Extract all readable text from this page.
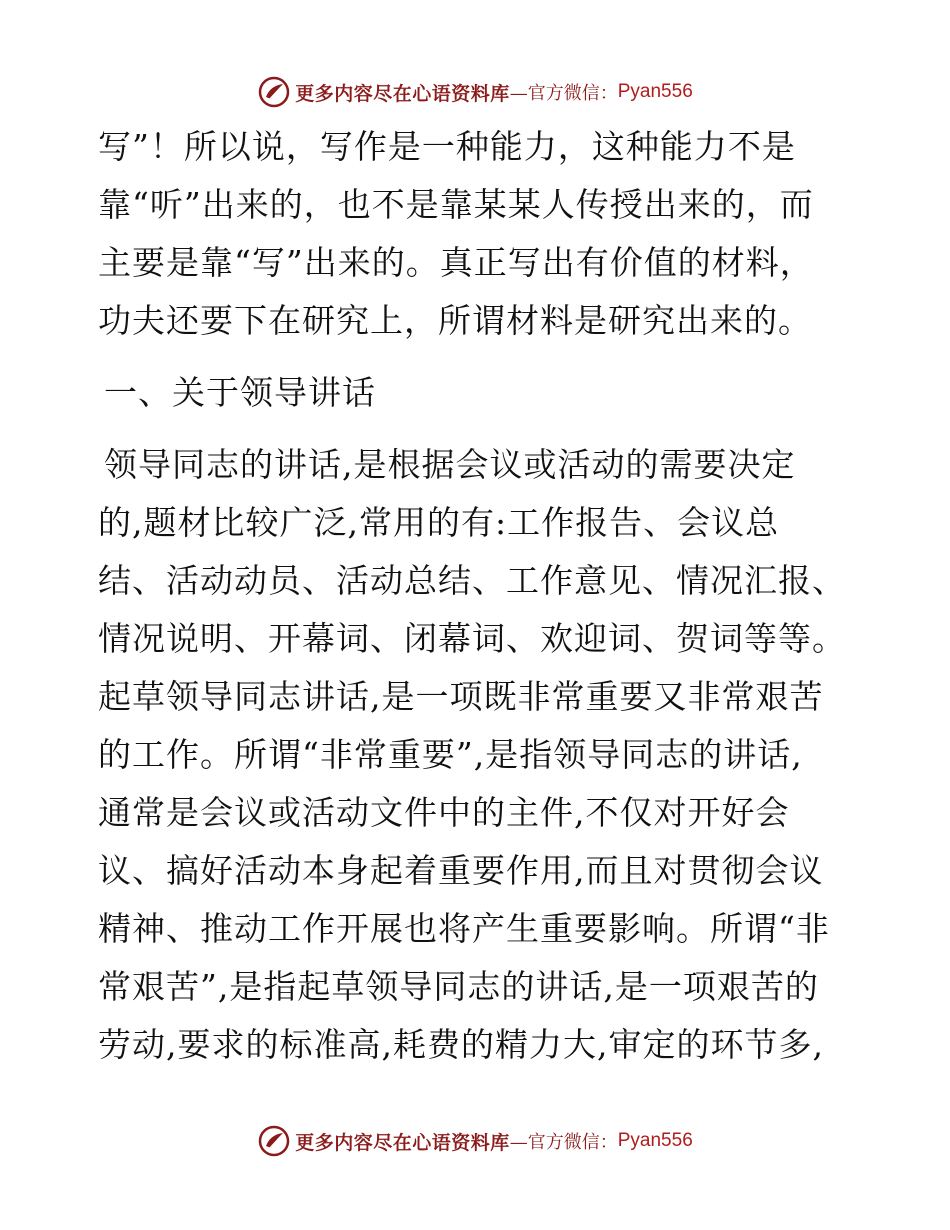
更多内容尽在心语资料库 —官方微信： Pyan556
写”！所以说，写作是一种能力，这种能力不是
靠“听”出来的，也不是靠某某人传授出来的，而
主要是靠“写”出来的。真正写出有价值的材料，
功夫还要下在研究上，所谓材料是研究出来的。
一、关于领导讲话
领导同志的讲话,是根据会议或活动的需要决定
的,题材比较广泛,常用的有:工作报告、会议总
结、活动动员、活动总结、工作意见、情况汇报、
情况说明、开幕词、闭幕词、欢迎词、贺词等等。
起草领导同志讲话,是一项既非常重要又非常艰苦
的工作。所谓“非常重要”,是指领导同志的讲话,
通常是会议或活动文件中的主件,不仅对开好会
议、搞好活动本身起着重要作用,而且对贯彻会议
精神、推动工作开展也将产生重要影响。所谓“非
常艰苦”,是指起草领导同志的讲话,是一项艰苦的
劳动,要求的标准高,耗费的精力大,审定的环节多,
更多内容尽在心语资料库 —官方微信： Pyan556
